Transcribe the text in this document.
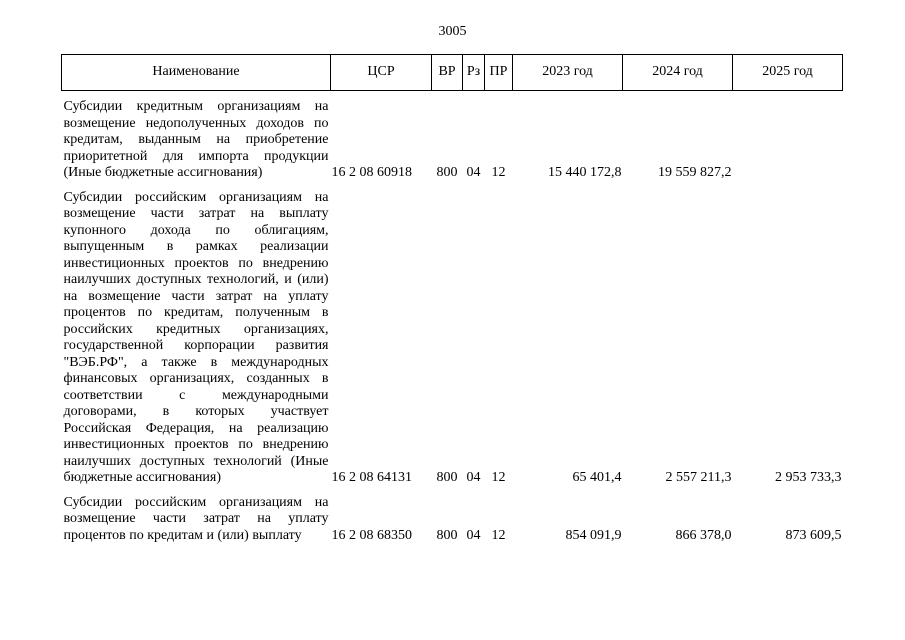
3005
Наименование	ЦСР	ВР	Рз	ПР	2023 год	2024 год	2025 год
Субсидии кредитным организациям на возмещение недополученных доходов по кредитам, выданным на приобретение приоритетной для импорта продукции (Иные бюджетные ассигнования)	16 2 08 60918	800	04	12	15 440 172,8	19 559 827,2	
Субсидии российским организациям на возмещение части затрат на выплату купонного дохода по облигациям, выпущенным в рамках реализации инвестиционных проектов по внедрению наилучших доступных технологий, и (или) на возмещение части затрат на уплату процентов по кредитам, полученным в российских кредитных организациях, государственной корпорации развития "ВЭБ.РФ", а также в международных финансовых организациях, созданных в соответствии с международными договорами, в которых участвует Российская Федерация, на реализацию инвестиционных проектов по внедрению наилучших доступных технологий (Иные бюджетные ассигнования)	16 2 08 64131	800	04	12	65 401,4	2 557 211,3	2 953 733,3
Субсидии российским организациям на возмещение части затрат на уплату процентов по кредитам и (или) выплату	16 2 08 68350	800	04	12	854 091,9	866 378,0	873 609,5
